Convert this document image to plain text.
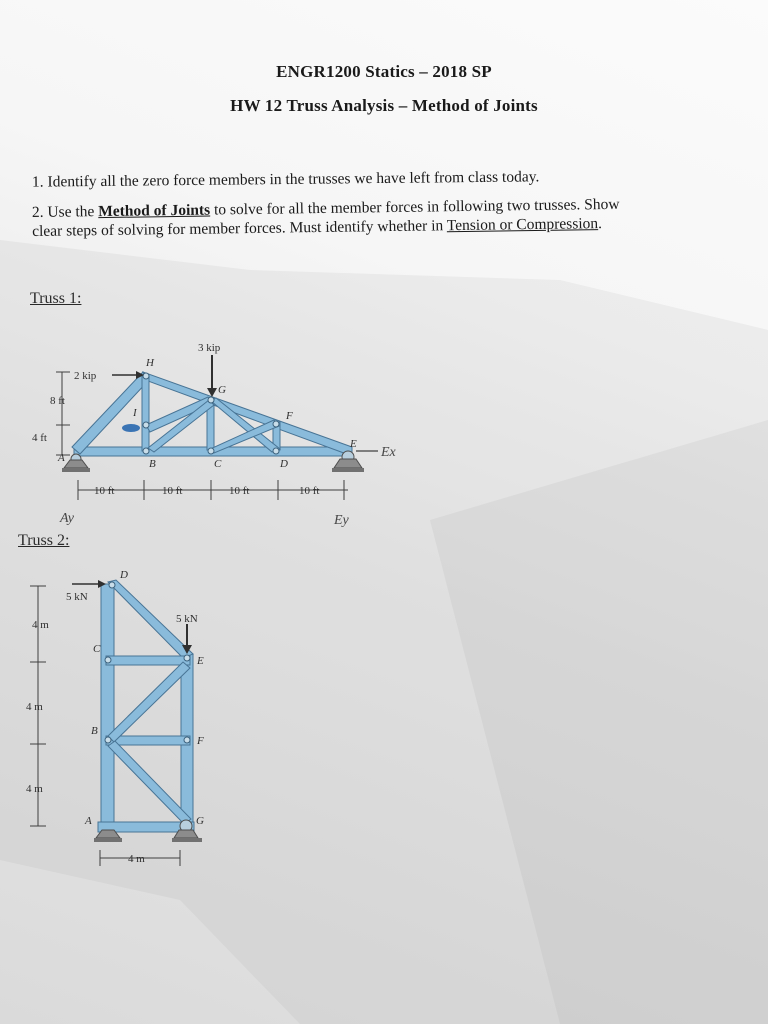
ENGR1200 Statics – 2018 SP
HW 12 Truss Analysis – Method of Joints
1. Identify all the zero force members in the trusses we have left from class today.
2. Use the Method of Joints to solve for all the member forces in following two trusses. Show
clear steps of solving for member forces. Must identify whether in Tension or Compression.
Truss 1:
Truss 2:
3 kip
2 kip
8 ft
4 ft
10 ft	10 ft	10 ft	10 ft
H
G
F
I
A	B	C	D
E
Ex
Ey
Ay
5 kN
5 kN
4 m
4 m
4 m
4 m
D
C
E
B
F
A	G
